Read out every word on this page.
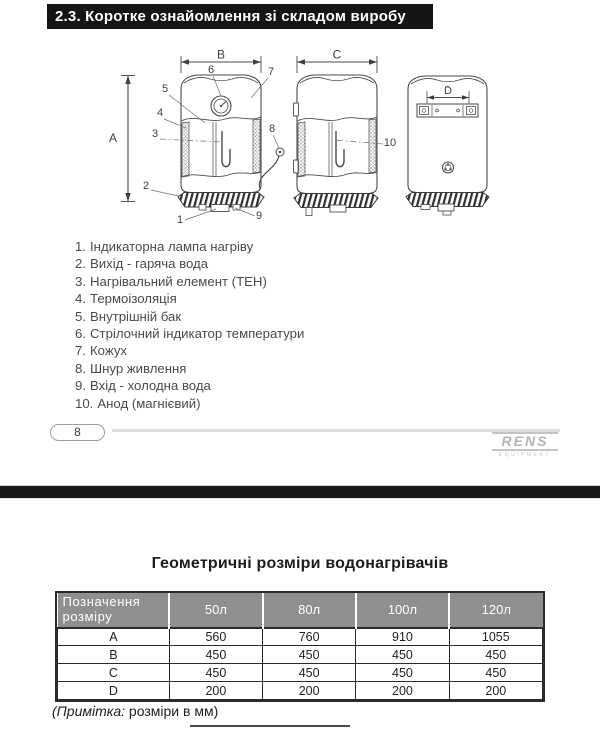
2.3. Коротке ознайомлення зі складом виробу
A
B
1
2
3
4
5
6	7
8
9
C
10
D
1. Індикаторна лампа нагріву
2. Вихід - гаряча вода
3. Нагрівальний елемент (ТЕН)
4. Термоізоляція
5. Внутрішній бак
6. Стрілочний індикатор температури
7. Кожух
8. Шнур живлення
9. Вхід - холодна вода
10. Анод (магнієвий)
8
RENS
EQUIPMENT
Геометричні розміри водонагрівачів
Позначення розміру	50л	80л	100л	120л
A	560	760	910	1055
B	450	450	450	450
C	450	450	450	450
D	200	200	200	200
(Примітка: розміри в мм)
